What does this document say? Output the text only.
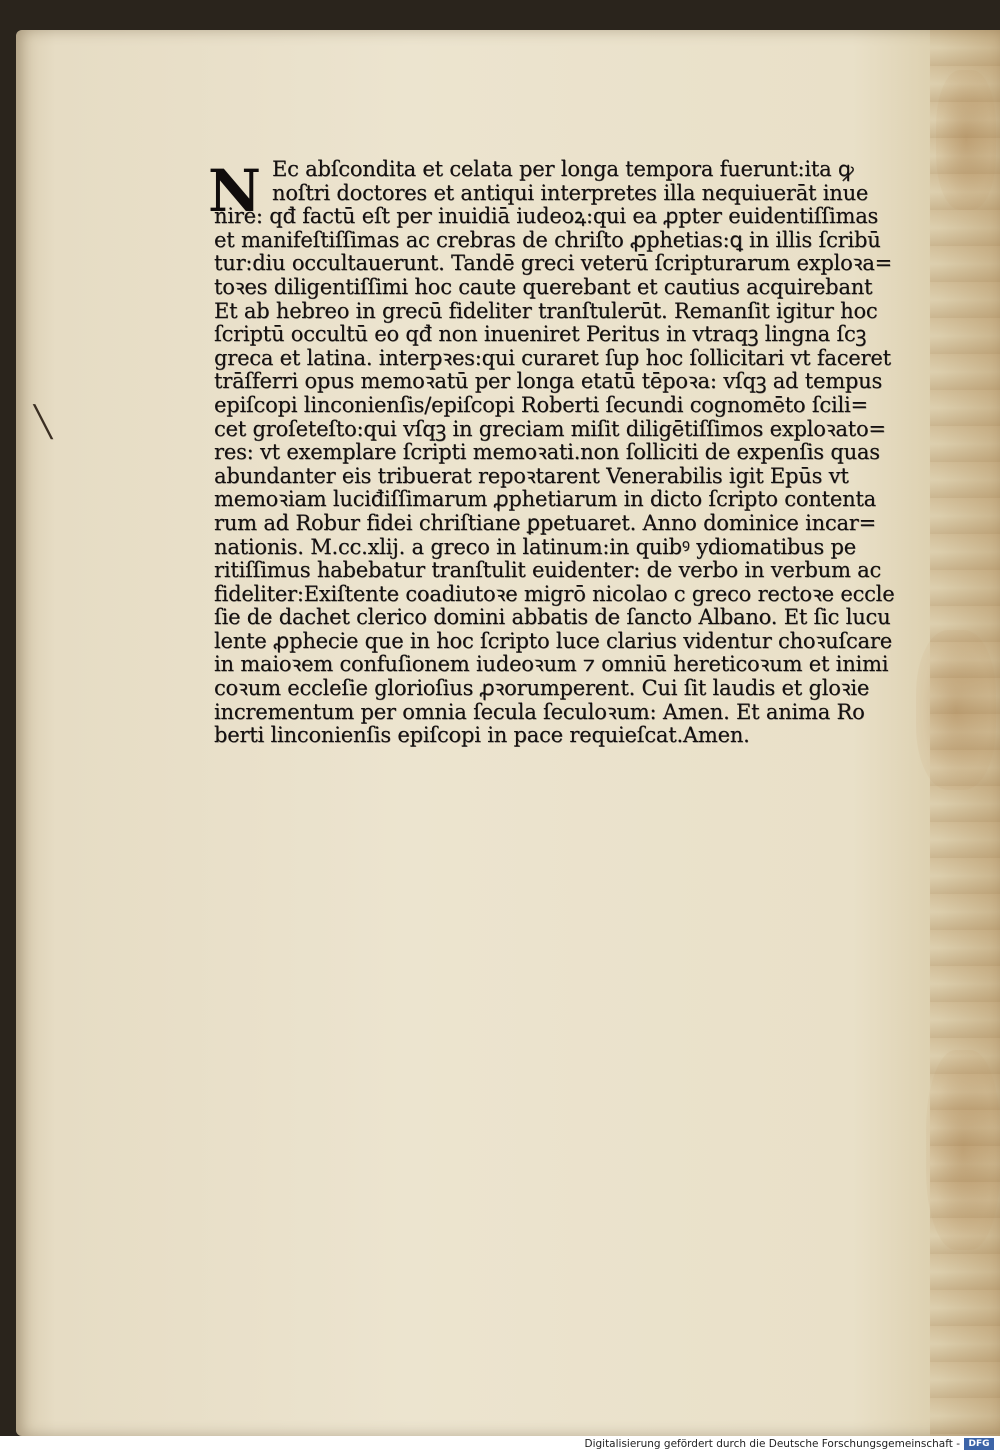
╲
N Ec abſcondita et celata per longa tempora fuerunt:ita ꝙ
noſtri doctores et antiqui interpretes illa nequiuerāt inue
nire: qđ factū eſt per inuidiā iudeoꝝ:qui ea ꝓpter euidentiſſimas
et manifeſtiſſimas ac crebras de chriſto ꝓphetias:ꝗ in illis ſcribū
tur:diu occultauerunt. Tandē greci veterū ſcripturarum exploꝛa=
toꝛes diligentiſſimi hoc caute querebant et cautius acquirebant
Et ab hebreo in grecū fideliter tranſtulerūt. Remanſit igitur hoc
ſcriptū occultū eo qđ non inueniret Peritus in vtraqꝫ lingna ſcꝫ
greca et latina. interpꝛes:qui curaret ſup hoc ſollicitari vt faceret
trāſferri opus memoꝛatū per longa etatū tēpoꝛa: vſqꝫ ad tempus
epiſcopi linconienſis/epiſcopi Roberti ſecundi cognomēto ſcili=
cet groſeteſto:qui vſqꝫ in greciam miſit diligētiſſimos exploꝛato=
res: vt exemplare ſcripti memoꝛati.non ſolliciti de expenſis quas
abundanter eis tribuerat repoꝛtarent Venerabilis igit Epūs vt
memoꝛiam luciđiſſimarum ꝓphetiarum in dicto ſcripto contenta
rum ad Robur fidei chriſtiane ꝑpetuaret. Anno dominice incar=
nationis. M.cc.xlij. a greco in latinum:in quibꝰ ydiomatibus pe
ritiſſimus habebatur tranſtulit euidenter: de verbo in verbum ac
fideliter:Exiſtente coadiutoꝛe migrō nicolao c greco rectoꝛe eccle
ſie de dachet clerico domini abbatis de ſancto Albano. Et ſic lucu
lente ꝓphecie que in hoc ſcripto luce clarius videntur choꝛuſcare
in maioꝛem confuſionem iudeoꝛum ⁊ omniū hereticoꝛum et inimi
coꝛum eccleſie glorioſius ꝓꝛorumperent. Cui ſit laudis et gloꝛie
incrementum per omnia ſecula ſeculoꝛum: Amen. Et anima Ro
berti linconienſis epiſcopi in pace requieſcat.Amen.
Digitalisierung gefördert durch die Deutsche Forschungsgemeinschaft - DFG
